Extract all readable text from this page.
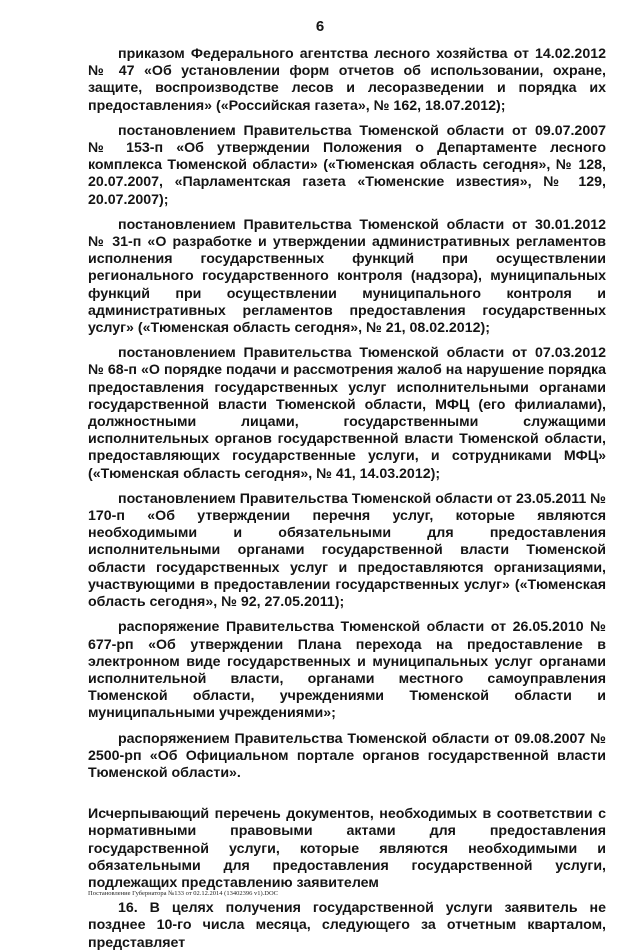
6

приказом Федерального агентства лесного хозяйства от 14.02.2012 № 47 «Об установлении форм отчетов об использовании, охране, защите, воспроизводстве лесов и лесоразведении и порядка их предоставления» («Российская газета», № 162, 18.07.2012);

постановлением Правительства Тюменской области от 09.07.2007 № 153-п «Об утверждении Положения о Департаменте лесного комплекса Тюменской области» («Тюменская область сегодня», № 128, 20.07.2007, «Парламентская газета «Тюменские известия», № 129, 20.07.2007);

постановлением Правительства Тюменской области от 30.01.2012 № 31-п «О разработке и утверждении административных регламентов исполнения государственных функций при осуществлении регионального государственного контроля (надзора), муниципальных функций при осуществлении муниципального контроля и административных регламентов предоставления государственных услуг» («Тюменская область сегодня», № 21, 08.02.2012);

постановлением Правительства Тюменской области от 07.03.2012 № 68-п «О порядке подачи и рассмотрения жалоб на нарушение порядка предоставления государственных услуг исполнительными органами государственной власти Тюменской области, МФЦ (его филиалами), должностными лицами, государственными служащими исполнительных органов государственной власти Тюменской области, предоставляющих государственные услуги, и сотрудниками МФЦ» («Тюменская область сегодня», № 41, 14.03.2012);

постановлением Правительства Тюменской области от 23.05.2011 № 170-п «Об утверждении перечня услуг, которые являются необходимыми и обязательными для предоставления исполнительными органами государственной власти Тюменской области государственных услуг и предоставляются организациями, участвующими в предоставлении государственных услуг» («Тюменская область сегодня», № 92, 27.05.2011);

распоряжение Правительства Тюменской области от 26.05.2010 № 677-рп «Об утверждении Плана перехода на предоставление в электронном виде государственных и муниципальных услуг органами исполнительной власти, органами местного самоуправления Тюменской области, учреждениями Тюменской области и муниципальными учреждениями»;

распоряжением Правительства Тюменской области от 09.08.2007 № 2500-рп «Об Официальном портале органов государственной власти Тюменской области».

Исчерпывающий перечень документов, необходимых в соответствии с нормативными правовыми актами для предоставления государственной услуги, которые являются необходимыми и обязательными для предоставления государственной услуги, подлежащих представлению заявителем

16. В целях получения государственной услуги заявитель не позднее 10-го числа месяца, следующего за отчетным кварталом, представляет

Постановление Губернатора №133 от 02.12.2014 (13402396 v1).DOC
